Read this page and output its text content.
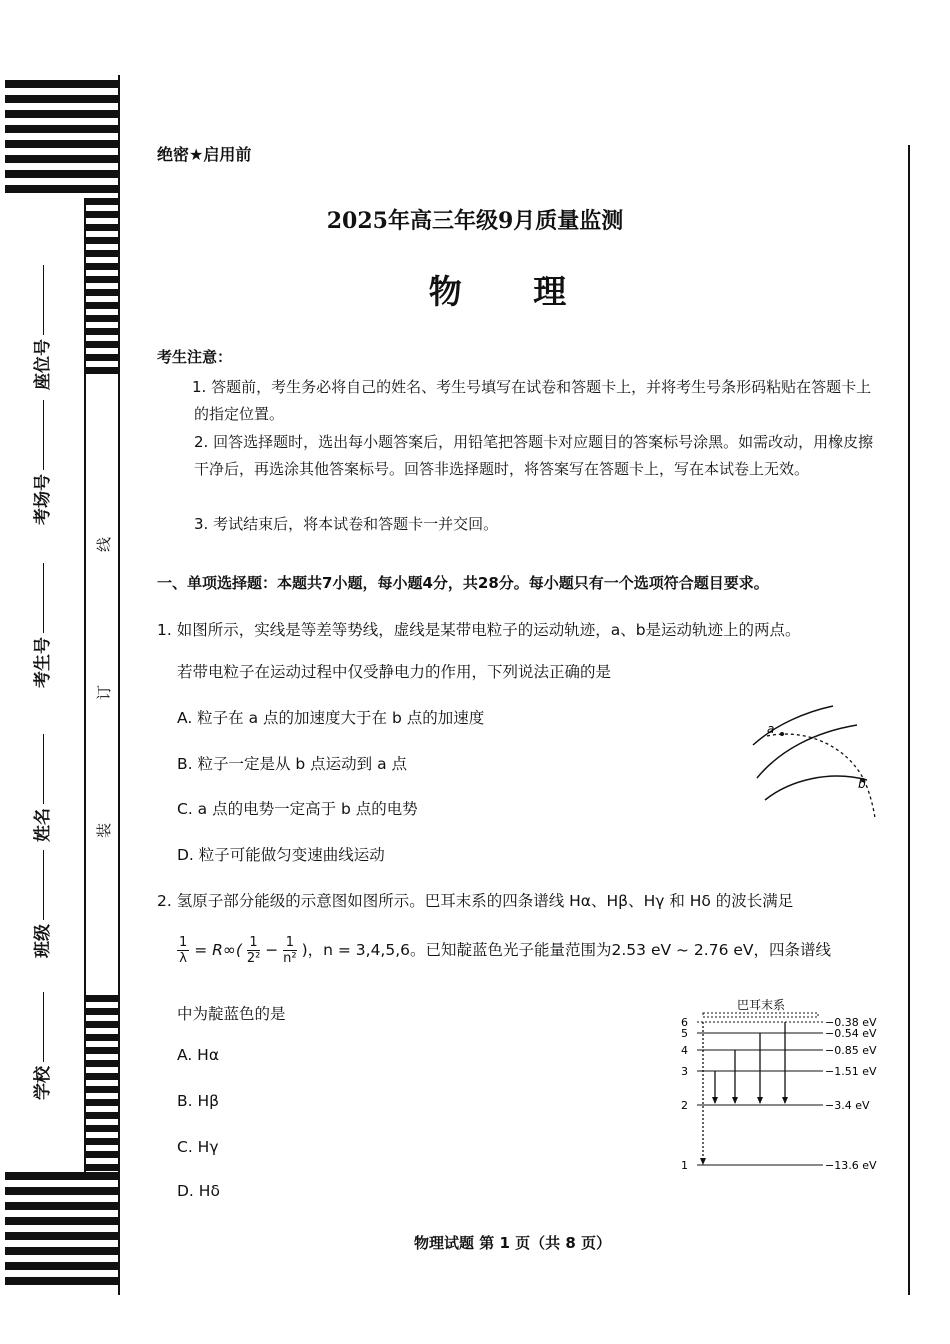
座位号
考场号
考生号
姓名
班级
学校
线
订
装
绝密★启用前
2025年高三年级9月质量监测
物 理
考生注意：
1. 答题前，考生务必将自己的姓名、考生号填写在试卷和答题卡上，并将考生号条形码粘贴在答题卡上的指定位置。
2. 回答选择题时，选出每小题答案后，用铅笔把答题卡对应题目的答案标号涂黑。如需改动，用橡皮擦干净后，再选涂其他答案标号。回答非选择题时，将答案写在答题卡上，写在本试卷上无效。
3. 考试结束后，将本试卷和答题卡一并交回。
一、单项选择题：本题共7小题，每小题4分，共28分。每小题只有一个选项符合题目要求。
1. 如图所示，实线是等差等势线，虚线是某带电粒子的运动轨迹，a、b是运动轨迹上的两点。
若带电粒子在运动过程中仅受静电力的作用，下列说法正确的是
A. 粒子在 a 点的加速度大于在 b 点的加速度
B. 粒子一定是从 b 点运动到 a 点
C. a 点的电势一定高于 b 点的电势
D. 粒子可能做匀变速曲线运动
a
b
2. 氢原子部分能级的示意图如图所示。巴耳末系的四条谱线 Hα、Hβ、Hγ 和 Hδ 的波长满足
$\frac{1}{\lambda} = R\infty( \frac{1}{\text{2²}} - \frac{1}{\text{n²}}$ )，n = 3,4,5,6。已知靛蓝色光子能量范围为2.53 eV ~ 2.76 eV，四条谱线
中为靛蓝色的是
A. Hα
B. Hβ
C. Hγ
D. Hδ
巴耳末系
6
5
4
3
2
1
−0.38 eV
−0.54 eV
−0.85 eV
−1.51 eV
−3.4 eV
−13.6 eV
物理试题 第 1 页（共 8 页）
